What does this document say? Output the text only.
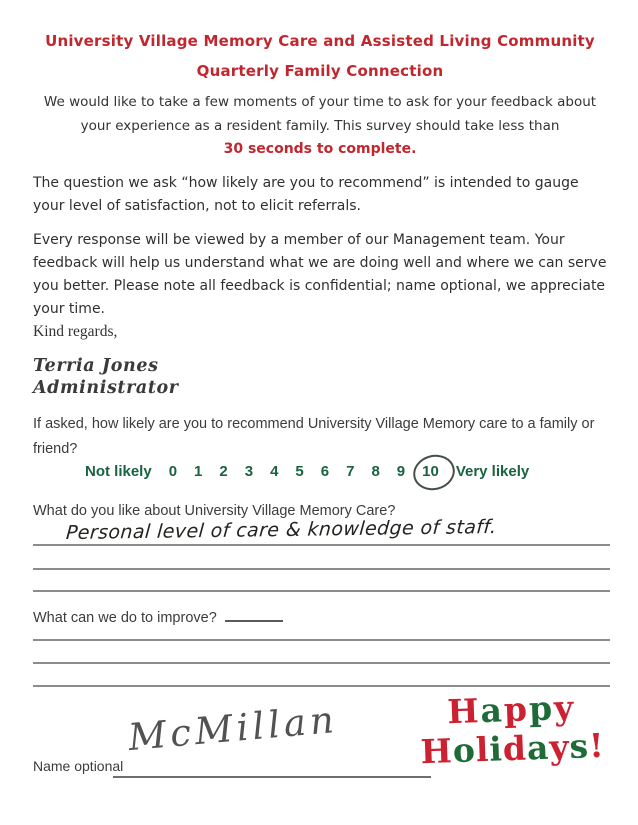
University Village Memory Care and Assisted Living Community
Quarterly Family Connection
We would like to take a few moments of your time to ask for your feedback about your experience as a resident family. This survey should take less than
30 seconds to complete.
The question we ask “how likely are you to recommend” is intended to gauge your level of satisfaction, not to elicit referrals.
Every response will be viewed by a member of our Management team. Your feedback will help us understand what we are doing well and where we can serve you better. Please note all feedback is confidential; name optional, we appreciate your time.
Kind regards,
Terria Jones
Administrator
If asked, how likely are you to recommend University Village Memory care to a family or friend?
Not likely 0 1 2 3 4 5 6 7 8 9 10 Very likely
What do you like about University Village Memory Care?
Personal level of care & knowledge of staff.
What can we do to improve?
McMillan
Name optional
Happy
Holidays!
